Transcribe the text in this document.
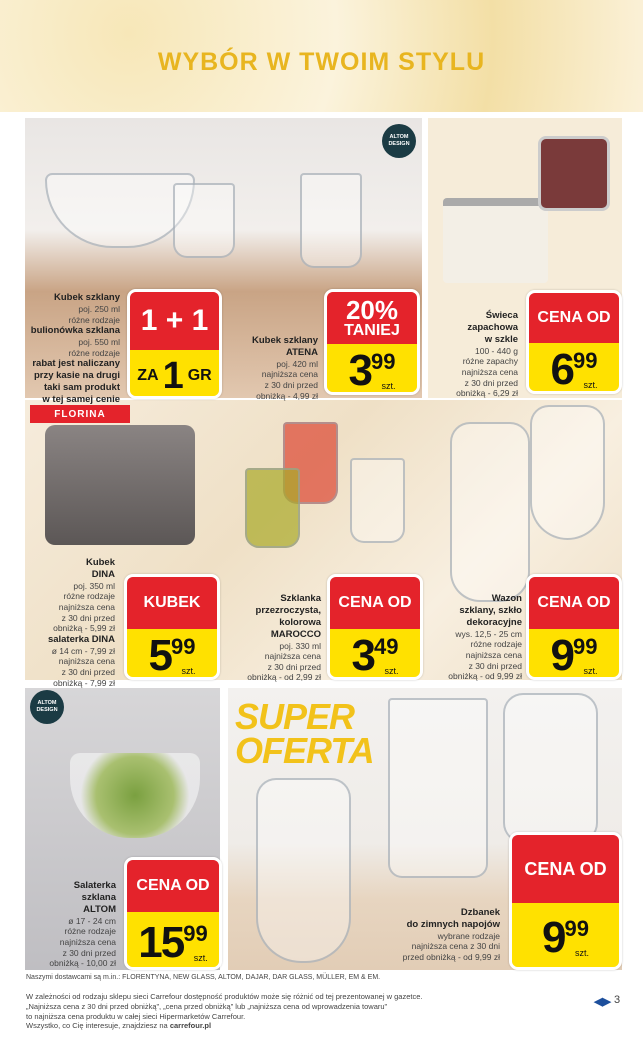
WYBÓR W TWOIM STYLU
SUPER
OFERTA
ALTOM DESIGN
ALTOM DESIGN
FLORINA
Kubek szklany
poj. 250 ml
różne rodzaje
bulionówka szklana
poj. 550 ml
różne rodzaje
rabat jest naliczany
przy kasie na drugi
taki sam produkt
w tej samej cenie
Kubek szklany
ATENA
poj. 420 ml
najniższa cena
z 30 dni przed
obniżką - 4,99 zł
Świeca
zapachowa
w szkle
100 - 440 g
różne zapachy
najniższa cena
z 30 dni przed
obniżką - 6,29 zł
Kubek
DINA
poj. 350 ml
różne rodzaje
najniższa cena
z 30 dni przed
obniżką - 5,99 zł
salaterka DINA
ø 14 cm - 7,99 zł
najniższa cena
z 30 dni przed
obniżką - 7,99 zł
Szklanka
przezroczysta,
kolorowa
MAROCCO
poj. 330 ml
najniższa cena
z 30 dni przed
obniżką - od 2,99 zł
Wazon
szklany, szkło
dekoracyjne
wys. 12,5 - 25 cm
różne rodzaje
najniższa cena
z 30 dni przed
obniżką - od 9,99 zł
Salaterka
szklana
ALTOM
ø 17 - 24 cm
różne rodzaje
najniższa cena
z 30 dni przed
obniżką - 10,00 zł
Dzbanek
do zimnych napojów
wybrane rodzaje
najniższa cena z 30 dni
przed obniżką - od 9,99 zł
1 + 1
ZA 1 GR
20%
TANIEJ
3 99
szt.
CENA OD
6 99
szt.
KUBEK
5 99
szt.
CENA OD
3 49
szt.
CENA OD
9 99
szt.
CENA OD
15 99
szt.
CENA OD
9 99
szt.
Naszymi dostawcami są m.in.: FLORENTYNA, NEW GLASS, ALTOM, DAJAR, DAR GLASS, MÜLLER, EM & EM.
W zależności od rodzaju sklepu sieci Carrefour dostępność produktów może się różnić od tej prezentowanej w gazetce.
„Najniższa cena z 30 dni przed obniżką”, „cena przed obniżką” lub „najniższa cena od wprowadzenia towaru”
to najniższa cena produktu w całej sieci Hipermarketów Carrefour.
Wszystko, co Cię interesuje, znajdziesz na carrefour.pl
◀▶ 3
